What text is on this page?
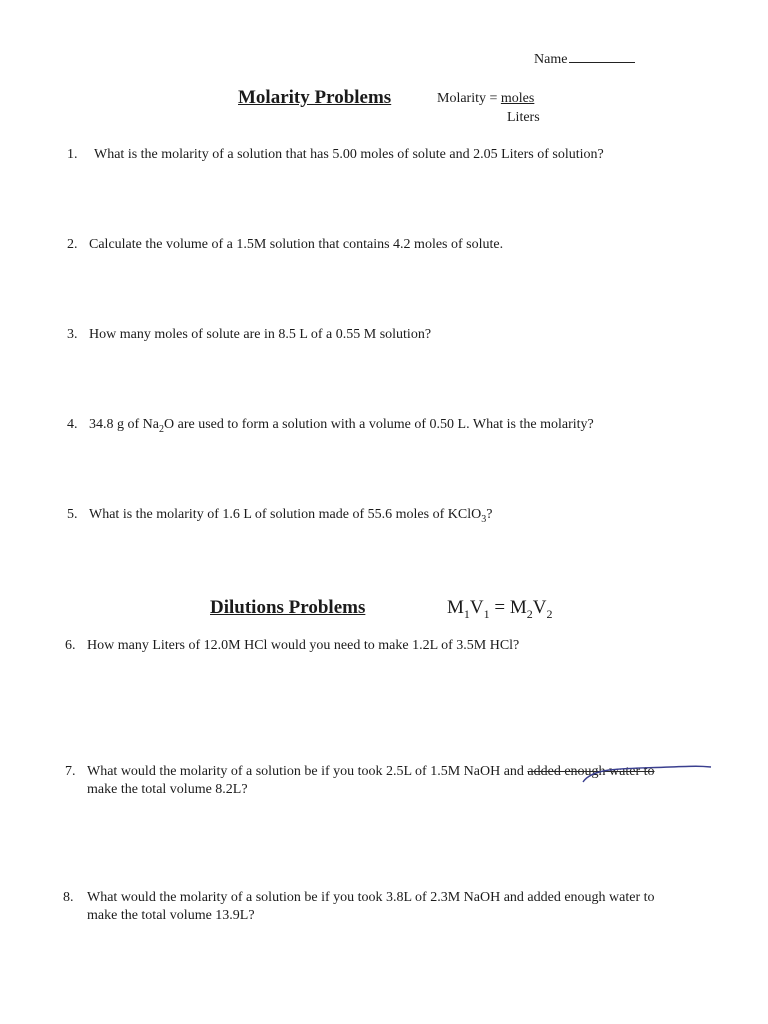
Name
Molarity Problems	Molarity = moles
Liters
1. What is the molarity of a solution that has 5.00 moles of solute and 2.05 Liters of solution?
2. Calculate the volume of a 1.5M solution that contains 4.2 moles of solute.
3. How many moles of solute are in 8.5 L of a 0.55 M solution?
4. 34.8 g of $Na_2O$ are used to form a solution with a volume of 0.50 L. What is the molarity?
5. What is the molarity of 1.6 L of solution made of 55.6 moles of KClO$_3$?
Dilutions Problems	$M_1V_1 = M_2V_2$
6. How many Liters of 12.0M HCl would you need to make 1.2L of 3.5M HCl?
7. What would the molarity of a solution be if you took 2.5L of 1.5M NaOH and added enough water to
make the total volume 8.2L?
8. What would the molarity of a solution be if you took 3.8L of 2.3M NaOH and added enough water to
make the total volume 13.9L?
